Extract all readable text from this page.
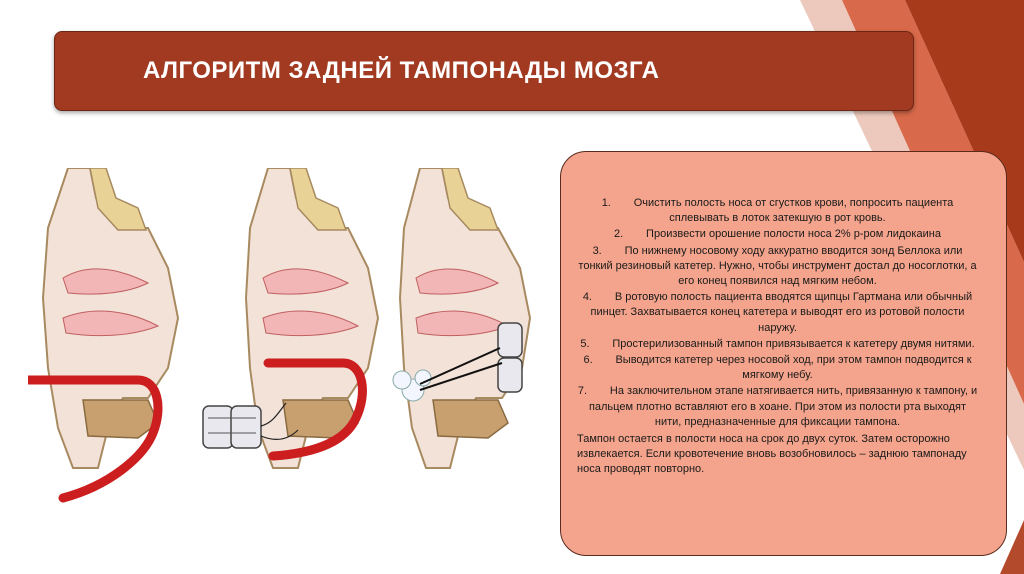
АЛГОРИТМ ЗАДНЕЙ ТАМПОНАДЫ МОЗГА
1. Очистить полость носа от сгустков крови, попросить пациента сплевывать в лоток затекшую в рот кровь.
2. Произвести орошение полости носа 2% р-ром лидокаина
3. По нижнему носовому ходу аккуратно вводится зонд Беллока или тонкий резиновый катетер. Нужно, чтобы инструмент достал до носоглотки, а его конец появился над мягким небом.
4. В ротовую полость пациента вводятся щипцы Гартмана или обычный пинцет. Захватывается конец катетера и выводят его из ротовой полости наружу.
5. Простерилизованный тампон привязывается к катетеру двумя нитями.
6. Выводится катетер через носовой ход, при этом тампон подводится к мягкому небу.
7. На заключительном этапе натягивается нить, привязанную к тампону, и пальцем плотно вставляют его в хоане. При этом из полости рта выходят нити, предназначенные для фиксации тампона.

Тампон остается в полости носа на срок до двух суток. Затем осторожно извлекается. Если кровотечение вновь возобновилось – заднюю тампонаду носа проводят повторно.
